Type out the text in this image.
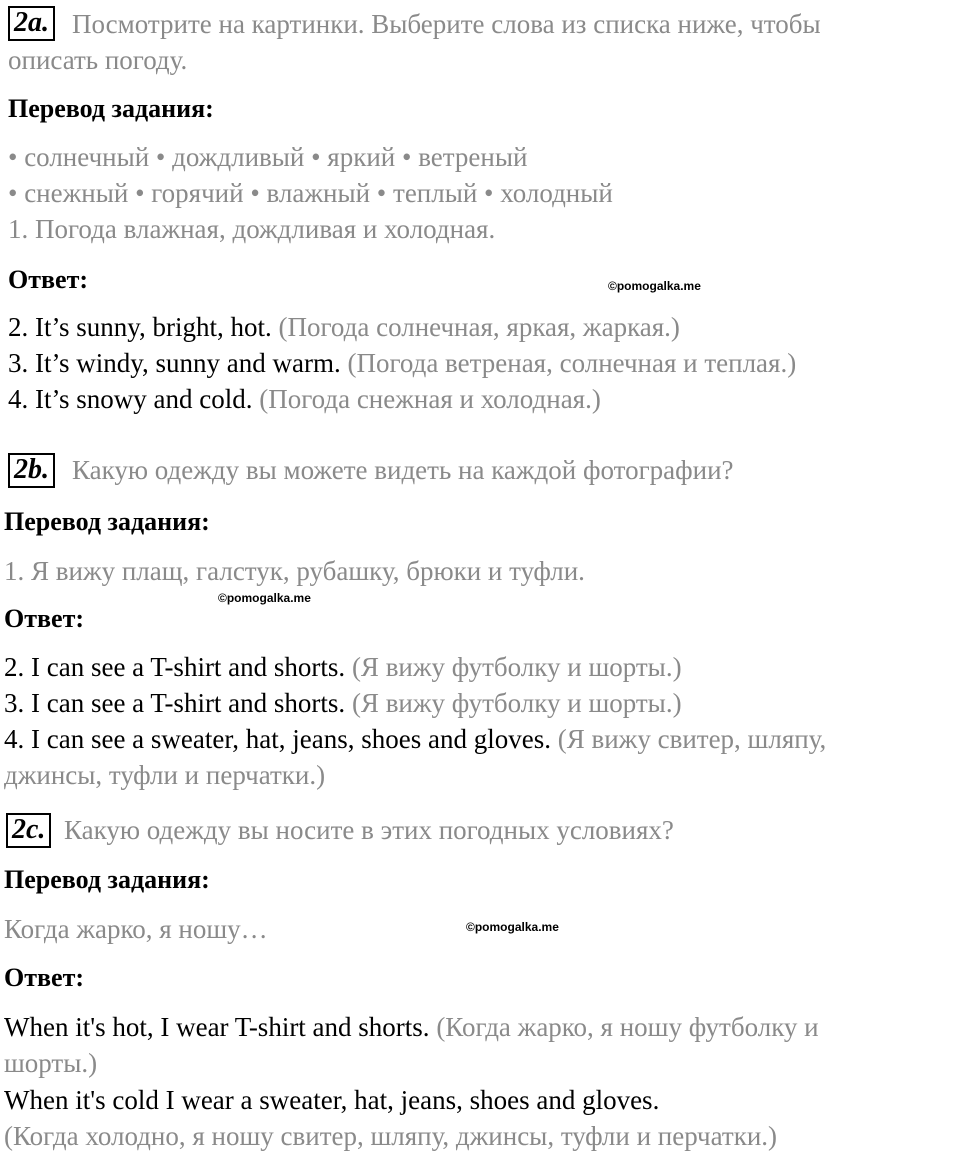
2a. Посмотрите на картинки. Выберите слова из списка ниже, чтобы
описать погоду.
Перевод задания:
• солнечный • дождливый • яркий • ветреный
• снежный • горячий • влажный • теплый • холодный
1. Погода влажная, дождливая и холодная.
Ответ:	©pomogalka.me
2. It’s sunny, bright, hot. (Погода солнечная, яркая, жаркая.)
3. It’s windy, sunny and warm. (Погода ветреная, солнечная и теплая.)
4. It’s snowy and cold. (Погода снежная и холодная.)
2b. Какую одежду вы можете видеть на каждой фотографии?
Перевод задания:
1. Я вижу плащ, галстук, рубашку, брюки и туфли.
©pomogalka.me
Ответ:
2. I can see a T-shirt and shorts. (Я вижу футболку и шорты.)
3. I can see a T-shirt and shorts. (Я вижу футболку и шорты.)
4. I can see a sweater, hat, jeans, shoes and gloves. (Я вижу свитер, шляпу,
джинсы, туфли и перчатки.)
2c. Какую одежду вы носите в этих погодных условиях?
Перевод задания:
Когда жарко, я ношу…	©pomogalka.me
Ответ:
When it's hot, I wear T-shirt and shorts. (Когда жарко, я ношу футболку и
шорты.)
When it's cold I wear a sweater, hat, jeans, shoes and gloves.
(Когда холодно, я ношу свитер, шляпу, джинсы, туфли и перчатки.)
